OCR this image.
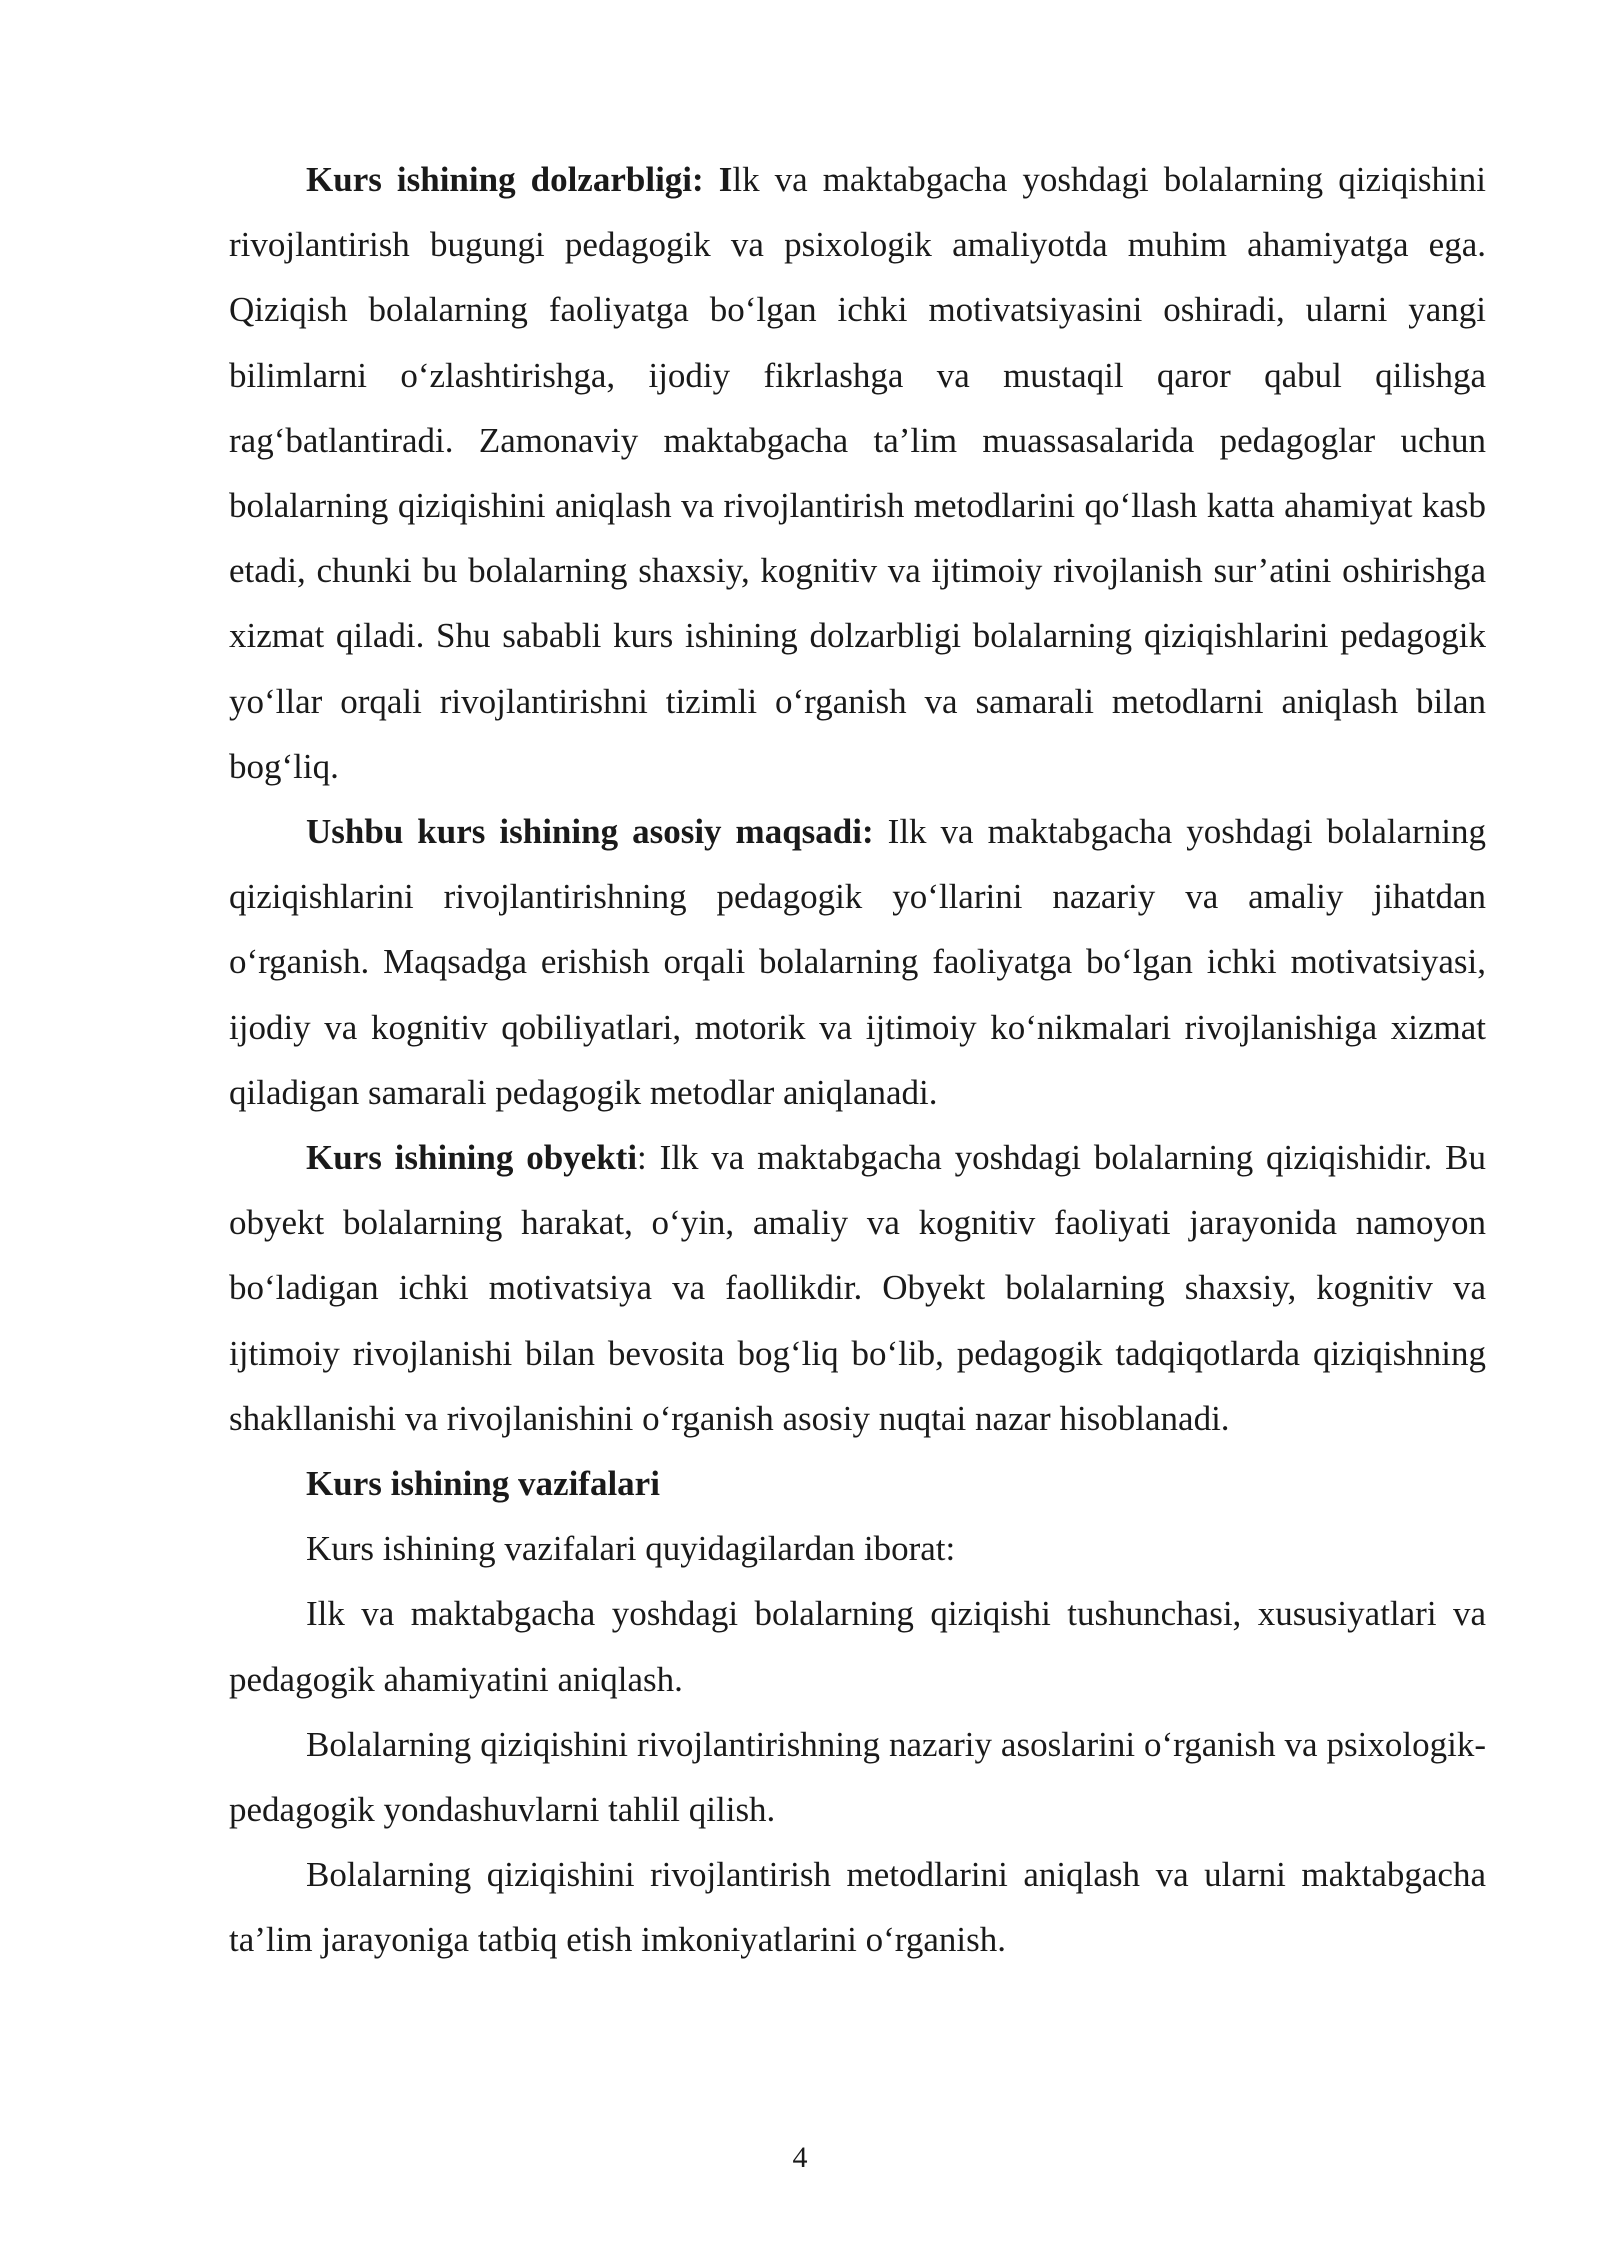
Kurs ishining dolzarbligi: Ilk va maktabgacha yoshdagi bolalarning qiziqishini rivojlantirish bugungi pedagogik va psixologik amaliyotda muhim ahamiyatga ega. Qiziqish bolalarning faoliyatga bo‘lgan ichki motivatsiyasini oshiradi, ularni yangi bilimlarni o‘zlashtirishga, ijodiy fikrlashga va mustaqil qaror qabul qilishga rag‘batlantiradi. Zamonaviy maktabgacha ta’lim muassasalarida pedagoglar uchun bolalarning qiziqishini aniqlash va rivojlantirish metodlarini qo‘llash katta ahamiyat kasb etadi, chunki bu bolalarning shaxsiy, kognitiv va ijtimoiy rivojlanish sur’atini oshirishga xizmat qiladi. Shu sababli kurs ishining dolzarbligi bolalarning qiziqishlarini pedagogik yo‘llar orqali rivojlantirishni tizimli o‘rganish va samarali metodlarni aniqlash bilan bog‘liq.

Ushbu kurs ishining asosiy maqsadi: Ilk va maktabgacha yoshdagi bolalarning qiziqishlarini rivojlantirishning pedagogik yo‘llarini nazariy va amaliy jihatdan o‘rganish. Maqsadga erishish orqali bolalarning faoliyatga bo‘lgan ichki motivatsiyasi, ijodiy va kognitiv qobiliyatlari, motorik va ijtimoiy ko‘nikmalari rivojlanishiga xizmat qiladigan samarali pedagogik metodlar aniqlanadi.

Kurs ishining obyekti: Ilk va maktabgacha yoshdagi bolalarning qiziqishidir. Bu obyekt bolalarning harakat, o‘yin, amaliy va kognitiv faoliyati jarayonida namoyon bo‘ladigan ichki motivatsiya va faollikdir. Obyekt bolalarning shaxsiy, kognitiv va ijtimoiy rivojlanishi bilan bevosita bog‘liq bo‘lib, pedagogik tadqiqotlarda qiziqishning shakllanishi va rivojlanishini o‘rganish asosiy nuqtai nazar hisoblanadi.

Kurs ishining vazifalari

Kurs ishining vazifalari quyidagilardan iborat:

Ilk va maktabgacha yoshdagi bolalarning qiziqishi tushunchasi, xususiyatlari va pedagogik ahamiyatini aniqlash.

Bolalarning qiziqishini rivojlantirishning nazariy asoslarini o‘rganish va psixologik-pedagogik yondashuvlarni tahlil qilish.

Bolalarning qiziqishini rivojlantirish metodlarini aniqlash va ularni maktabgacha ta’lim jarayoniga tatbiq etish imkoniyatlarini o‘rganish.

4
